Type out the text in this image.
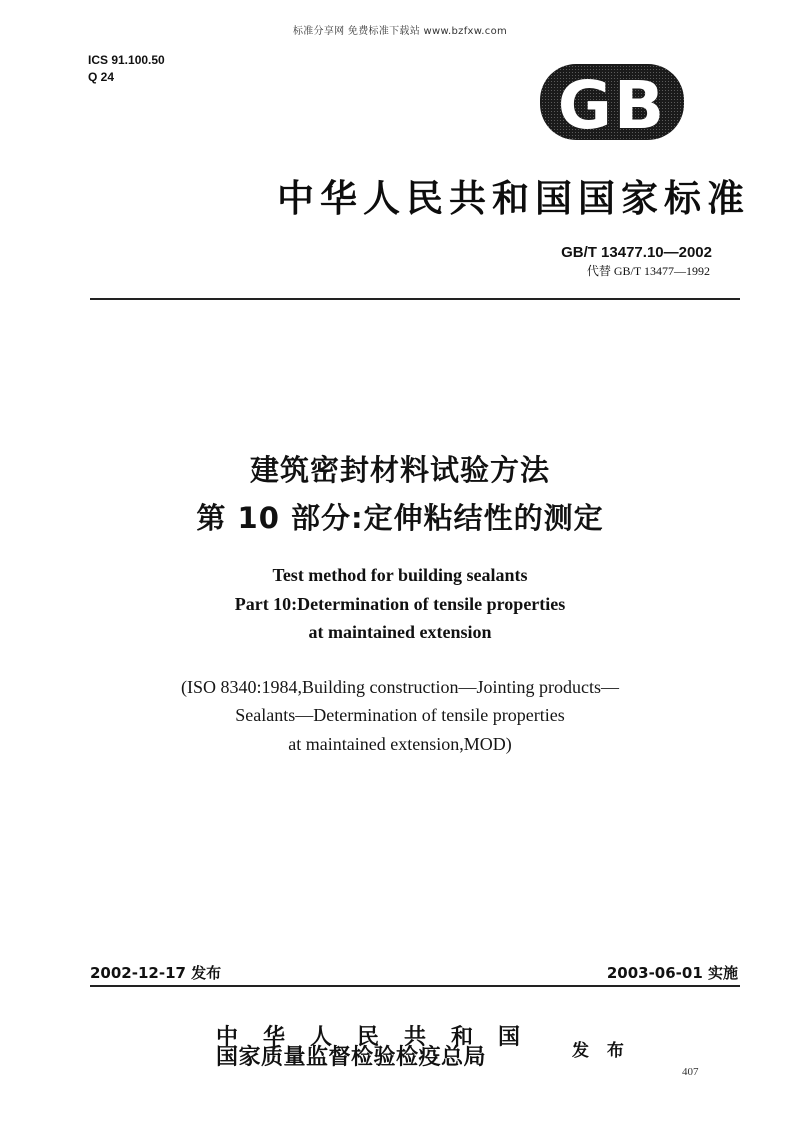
标准分享网 免费标准下载站 www.bzfxw.com
ICS 91.100.50
Q 24	GB
中华人民共和国国家标准
GB/T 13477.10—2002
代替 GB/T 13477—1992
建筑密封材料试验方法
第 10 部分:定伸粘结性的测定
Test method for building sealants
Part 10:Determination of tensile properties
at maintained extension
(ISO 8340:1984,Building construction—Jointing products—
Sealants—Determination of tensile properties
at maintained extension,MOD)
2002-12-17 发布	2003-06-01 实施
中华人民共和国
国家质量监督检验检疫总局	发 布
407
